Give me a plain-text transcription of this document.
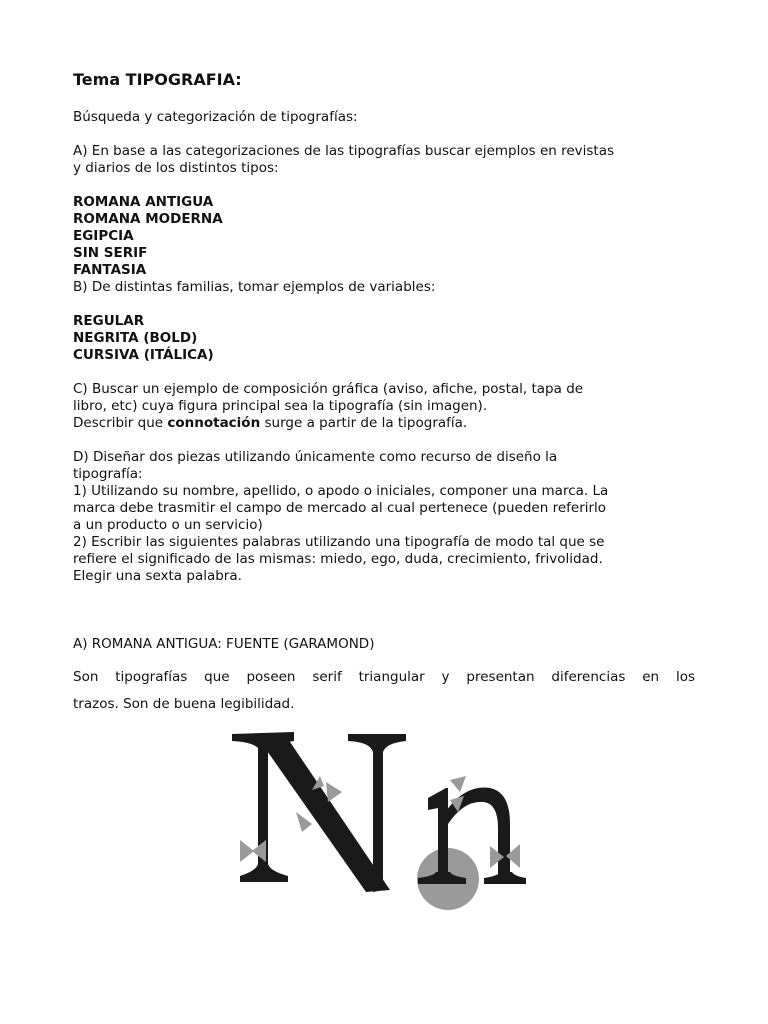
Tema TIPOGRAFIA:

Búsqueda y categorización de tipografías:

A) En base a las categorizaciones de las tipografías buscar ejemplos en revistas

y diarios de los distintos tipos:

ROMANA ANTIGUA

ROMANA MODERNA

EGIPCIA

SIN SERIF

FANTASIA

B) De distintas familias, tomar ejemplos de variables:

REGULAR

NEGRITA (BOLD)

CURSIVA (ITÁLICA)

C) Buscar un ejemplo de composición gráfica (aviso, afiche, postal, tapa de

libro, etc) cuya figura principal sea la tipografía (sin imagen).

Describir que connotación surge a partir de la tipografía.

D) Diseñar dos piezas utilizando únicamente como recurso de diseño la

tipografía:

1) Utilizando su nombre, apellido, o apodo o iniciales, componer una marca. La

marca debe trasmitir el campo de mercado al cual pertenece (pueden referirlo

a un producto o un servicio)

2) Escribir las siguientes palabras utilizando una tipografía de modo tal que se

refiere el significado de las mismas: miedo, ego, duda, crecimiento, frivolidad.

Elegir una sexta palabra.

A) ROMANA ANTIGUA: FUENTE (GARAMOND)

Son tipografías que poseen serif triangular y presentan diferencias en los

trazos. Son de buena legibilidad.
